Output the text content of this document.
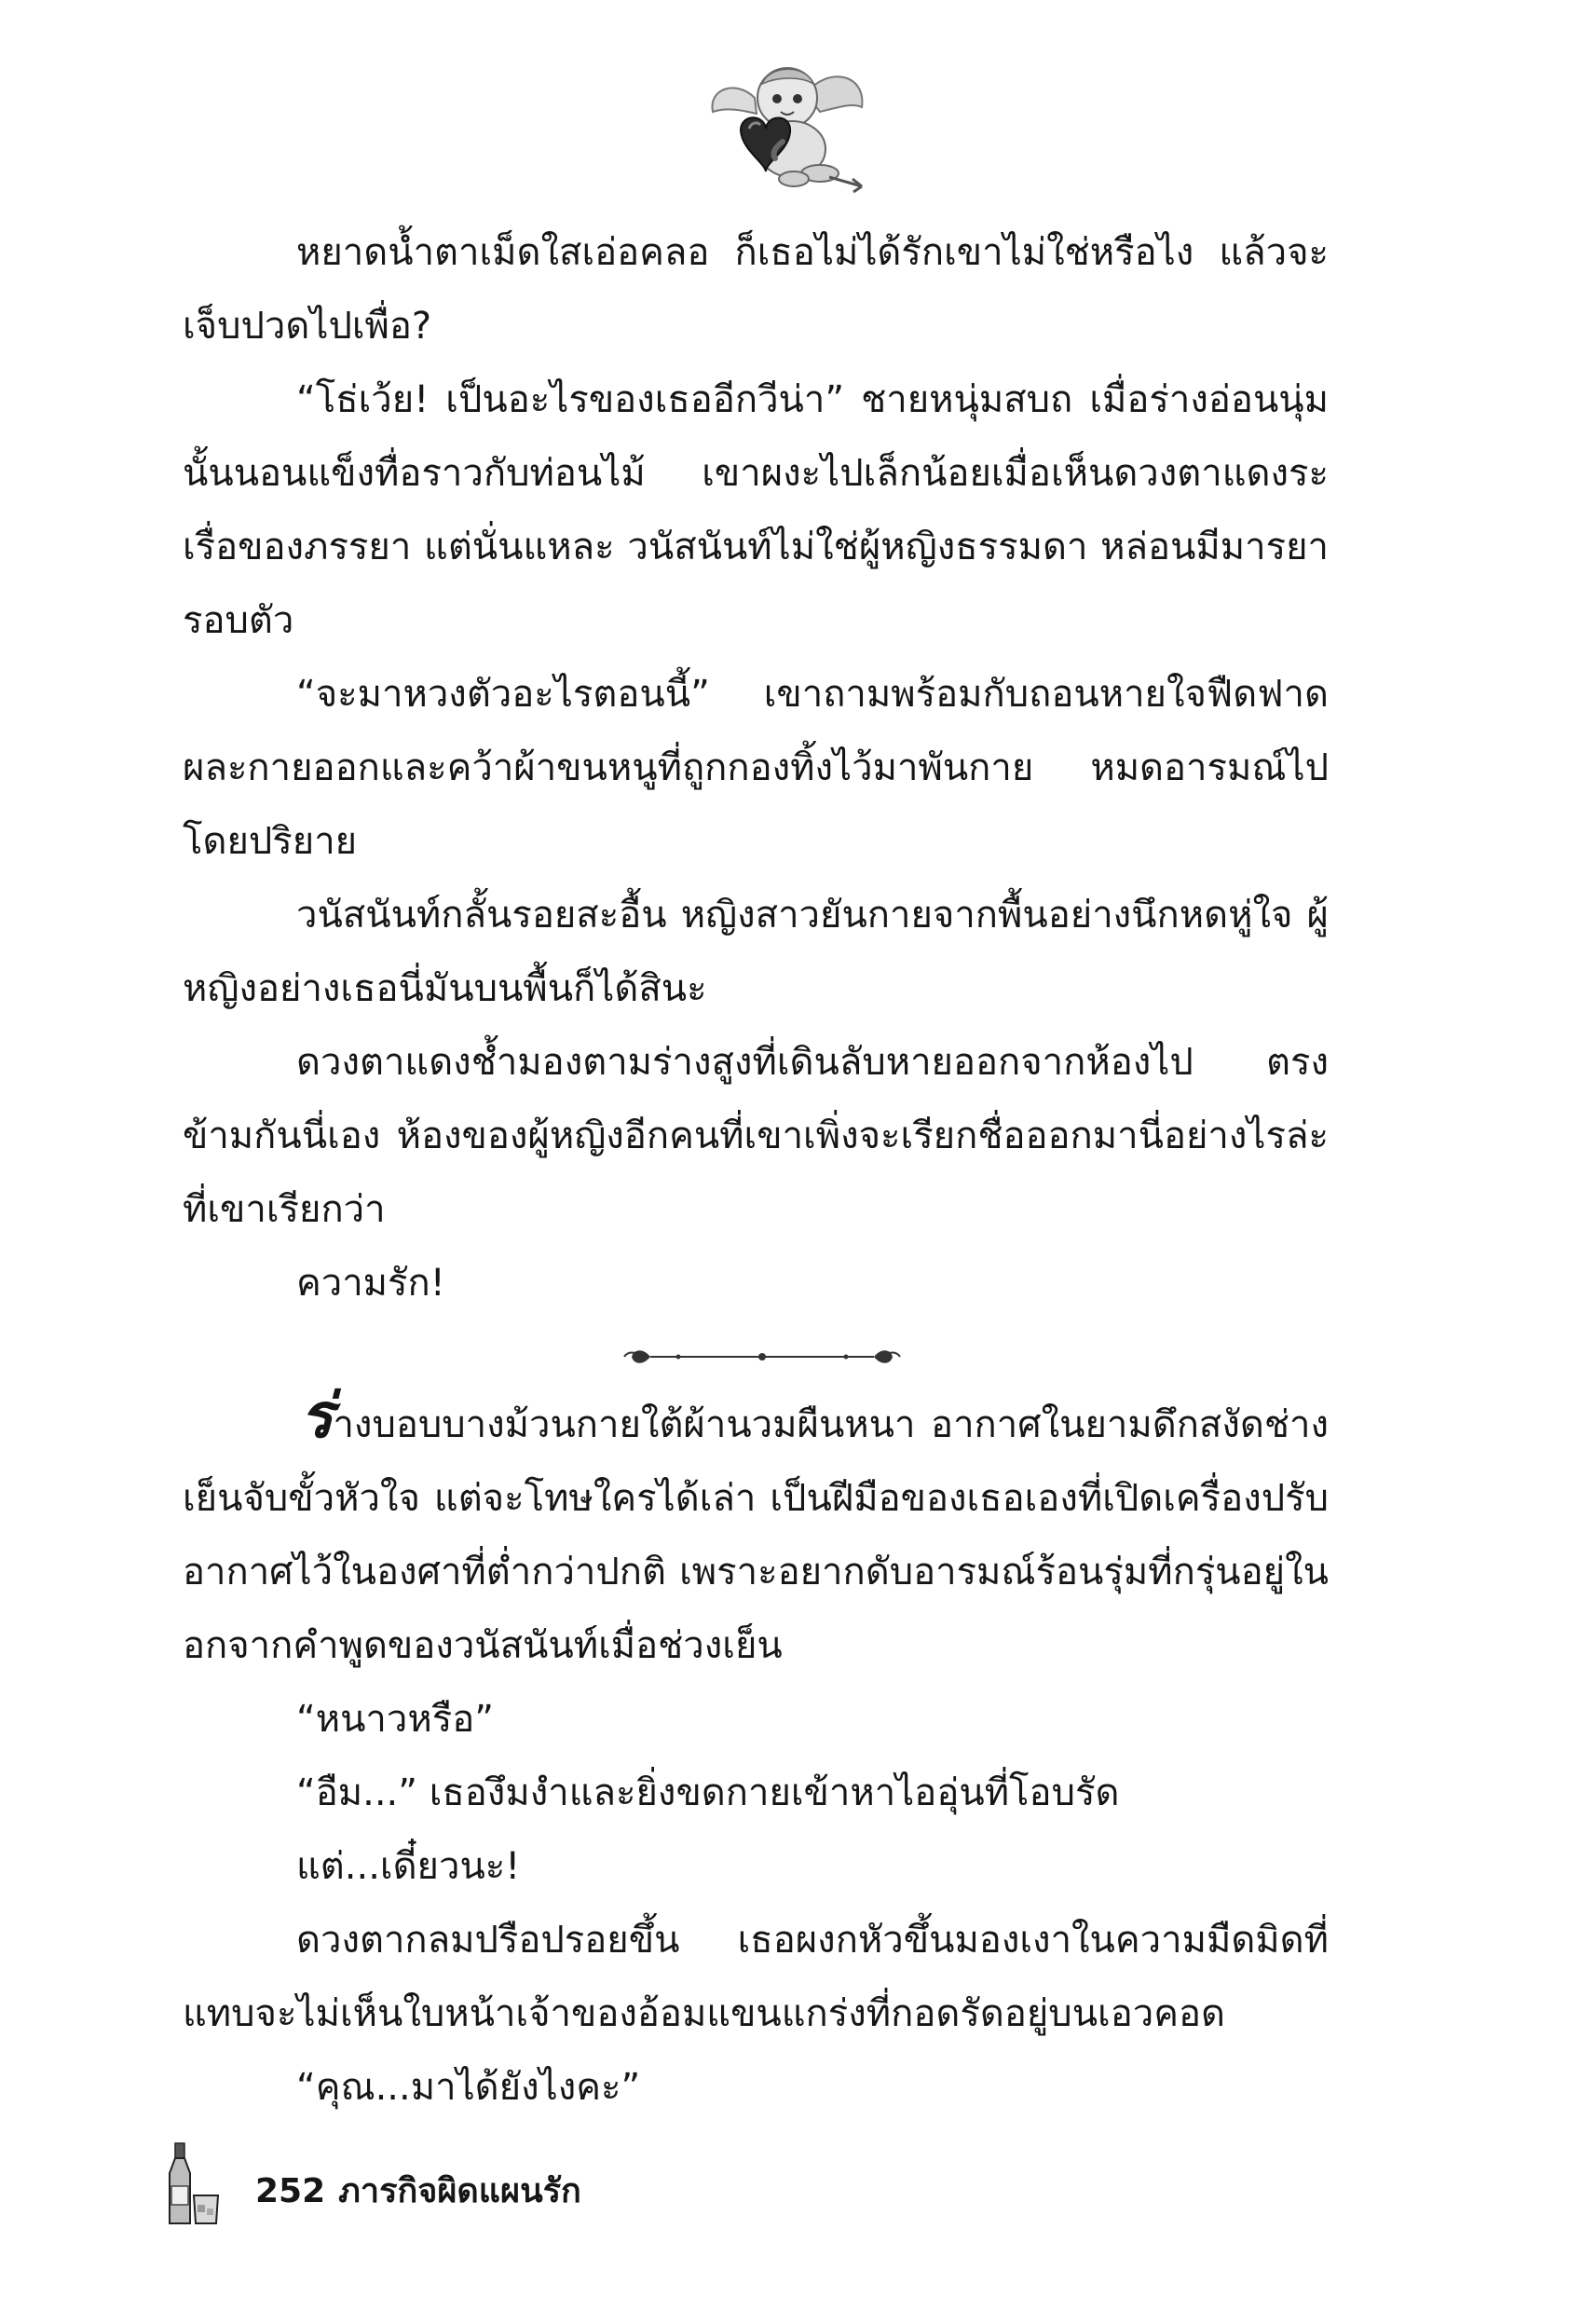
หยาดน้ำตาเม็ดใสเอ่อคลอ ก็เธอไม่ได้รักเขาไม่ใช่หรือไง แล้วจะเจ็บปวดไปเพื่อ?

“โธ่เว้ย! เป็นอะไรของเธออีกวีน่า” ชายหนุ่มสบถ เมื่อร่างอ่อนนุ่มนั้นนอนแข็งทื่อราวกับท่อนไม้ เขาผงะไปเล็กน้อยเมื่อเห็นดวงตาแดงระเรื่อของภรรยา แต่นั่นแหละ วนัสนันท์ไม่ใช่ผู้หญิงธรรมดา หล่อนมีมารยารอบตัว

“จะมาหวงตัวอะไรตอนนี้” เขาถามพร้อมกับถอนหายใจฟืดฟาด ผละกายออกและคว้าผ้าขนหนูที่ถูกกองทิ้งไว้มาพันกาย หมดอารมณ์ไปโดยปริยาย

วนัสนันท์กลั้นรอยสะอื้น หญิงสาวยันกายจากพื้นอย่างนึกหดหู่ใจ ผู้หญิงอย่างเธอนี่มันบนพื้นก็ได้สินะ

ดวงตาแดงช้ำมองตามร่างสูงที่เดินลับหายออกจากห้องไป ตรงข้ามกันนี่เอง ห้องของผู้หญิงอีกคนที่เขาเพิ่งจะเรียกชื่อออกมานี่อย่างไรล่ะ ที่เขาเรียกว่า

ความรัก!

ร่างบอบบางม้วนกายใต้ผ้านวมผืนหนา อากาศในยามดึกสงัดช่างเย็นจับขั้วหัวใจ แต่จะโทษใครได้เล่า เป็นฝีมือของเธอเองที่เปิดเครื่องปรับอากาศไว้ในองศาที่ต่ำกว่าปกติ เพราะอยากดับอารมณ์ร้อนรุ่มที่กรุ่นอยู่ในอกจากคำพูดของวนัสนันท์เมื่อช่วงเย็น

“หนาวหรือ”

“อืม...” เธองึมงำและยิ่งขดกายเข้าหาไออุ่นที่โอบรัด

แต่...เดี๋ยวนะ!

ดวงตากลมปรือปรอยขึ้น เธอผงกหัวขึ้นมองเงาในความมืดมิดที่แทบจะไม่เห็นใบหน้าเจ้าของอ้อมแขนแกร่งที่กอดรัดอยู่บนเอวคอด

“คุณ...มาได้ยังไงคะ”

252 ภารกิจผิดแผนรัก
